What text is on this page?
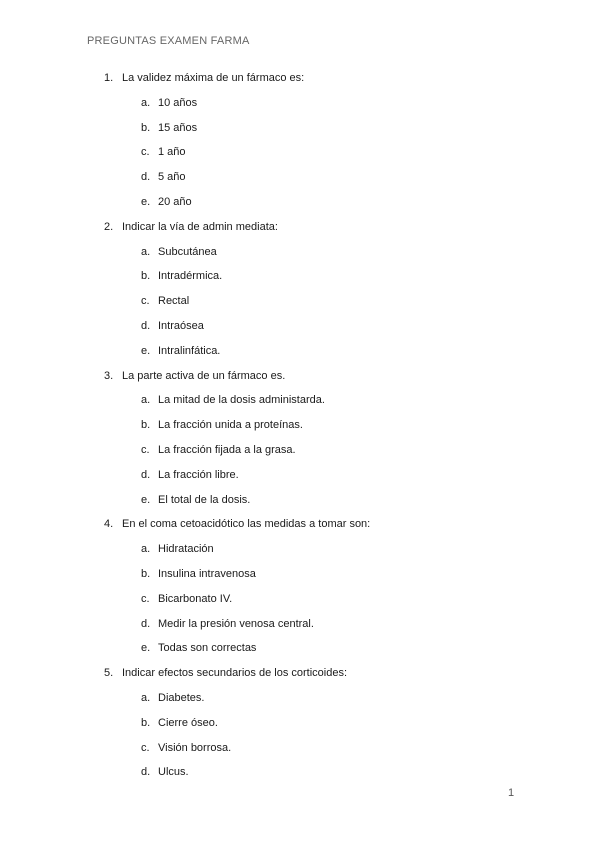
PREGUNTAS EXAMEN FARMA
1. La validez máxima de un fármaco es:
a. 10 años
b. 15 años
c. 1 año
d. 5 año
e. 20 año
2. Indicar la vía de admin mediata:
a. Subcutánea
b. Intradérmica.
c. Rectal
d. Intraósea
e. Intralinfática.
3. La parte activa de un fármaco es.
a. La mitad de la dosis administarda.
b. La fracción unida a proteínas.
c. La fracción fijada a la grasa.
d. La fracción libre.
e. El total de la dosis.
4. En el coma cetoacidótico las medidas a tomar son:
a. Hidratación
b. Insulina intravenosa
c. Bicarbonato IV.
d. Medir la presión venosa central.
e. Todas son correctas
5. Indicar efectos secundarios de los corticoides:
a. Diabetes.
b. Cierre óseo.
c. Visión borrosa.
d. Ulcus.
1
